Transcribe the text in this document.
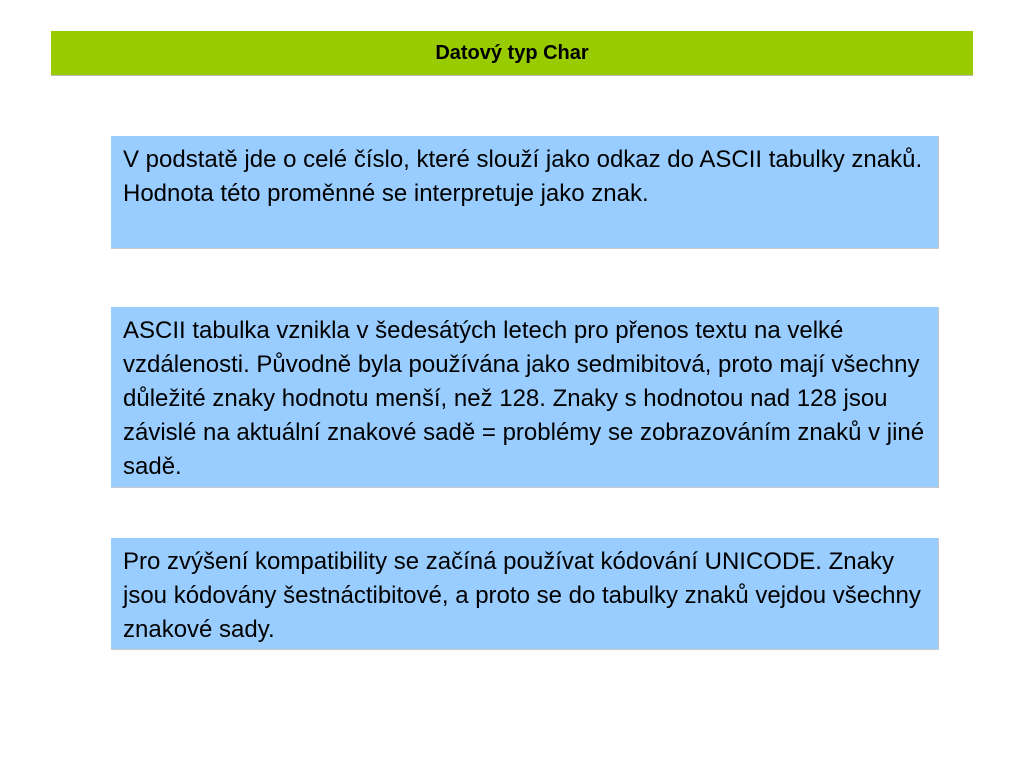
Datový typ Char
V podstatě jde o celé číslo, které slouží jako odkaz do ASCII tabulky znaků. Hodnota této proměnné se interpretuje jako znak.
ASCII tabulka vznikla v šedesátých letech pro přenos textu na velké vzdálenosti. Původně byla používána jako sedmibitová, proto mají všechny důležité znaky hodnotu menší, než 128. Znaky s hodnotou nad 128 jsou závislé na aktuální znakové sadě = problémy se zobrazováním znaků v jiné sadě.
Pro zvýšení kompatibility se začíná používat kódování UNICODE. Znaky jsou kódovány šestnáctibitové, a proto se do tabulky znaků vejdou všechny znakové sady.
